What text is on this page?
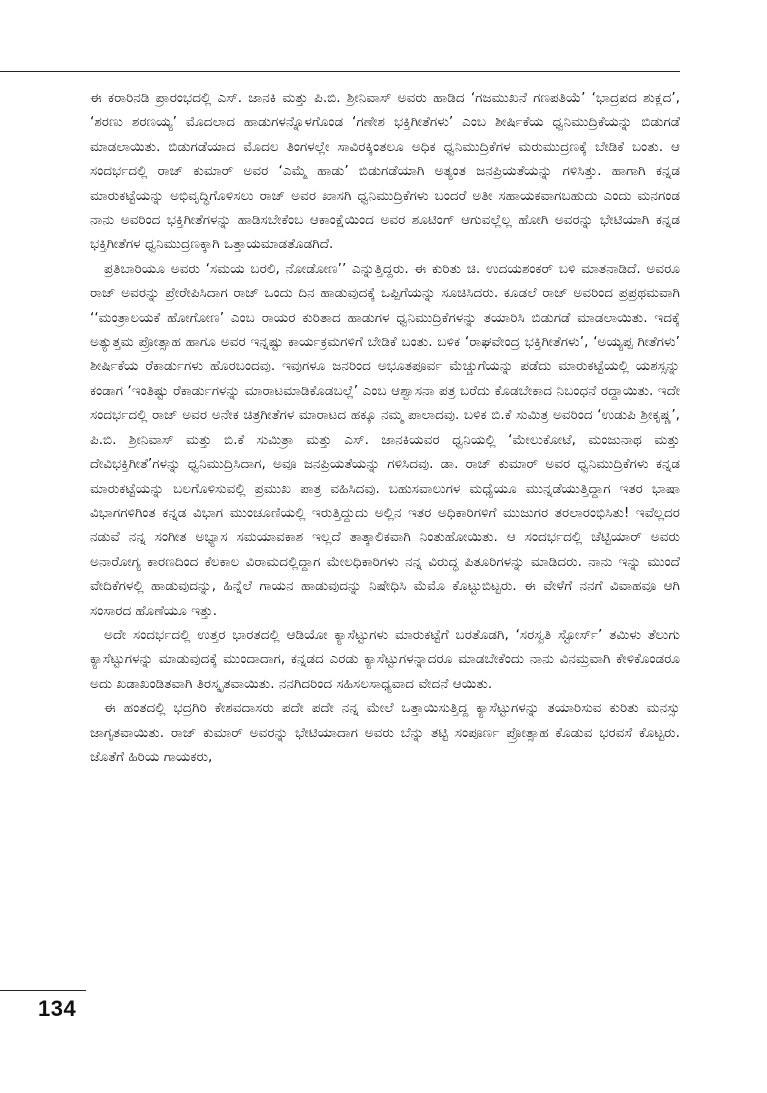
ಈ ಕರಾರಿನಡಿ ಪ್ರಾರಂಭದಲ್ಲಿ ಎಸ್. ಜಾನಕಿ ಮತ್ತು ಪಿ.ಬಿ. ಶ್ರೀನಿವಾಸ್ ಅವರು ಹಾಡಿದ ‘ಗಜಮುಖನೆ ಗಣಪತಿಯೆ’ ‘ಭಾದ್ರಪದ ಶುಕ್ಲದ’, ‘ಶರಣು ಶರಣಯ್ಯ’ ಮೊದಲಾದ ಹಾಡುಗಳನ್ನೊಳಗೊಂಡ ‘ಗಣೇಶ ಭಕ್ತಿಗೀತೆಗಳು’ ಎಂಬ ಶೀರ್ಷಿಕೆಯ ಧ್ವನಿಮುದ್ರಿಕೆಯನ್ನು ಬಿಡುಗಡೆ ಮಾಡಲಾಯಿತು. ಬಿಡುಗಡೆಯಾದ ಮೊದಲ ತಿಂಗಳಲ್ಲೇ ಸಾವಿರಕ್ಕಿಂತಲೂ ಅಧಿಕ ಧ್ವನಿಮುದ್ರಿಕೆಗಳ ಮರುಮುದ್ರಣಕ್ಕೆ ಬೇಡಿಕೆ ಬಂತು. ಆ ಸಂದರ್ಭದಲ್ಲಿ ರಾಜ್ ಕುಮಾರ್ ಅವರ ‘ಎಮ್ಮೆ ಹಾಡು’ ಬಿಡುಗಡೆಯಾಗಿ ಅತ್ಯಂತ ಜನಪ್ರಿಯತೆಯನ್ನು ಗಳಿಸಿತ್ತು. ಹಾಗಾಗಿ ಕನ್ನಡ ಮಾರುಕಟ್ಟೆಯನ್ನು ಅಭಿವೃದ್ಧಿಗೊಳಿಸಲು ರಾಜ್ ಅವರ ಖಾಸಗಿ ಧ್ವನಿಮುದ್ರಿಕೆಗಳು ಬಂದರೆ ಅತೀ ಸಹಾಯಕವಾಗಬಹುದು ಎಂದು ಮನಗಂಡ ನಾನು ಅವರಿಂದ ಭಕ್ತಿಗೀತೆಗಳನ್ನು ಹಾಡಿಸಬೇಕೆಂಬ ಆಕಾಂಕ್ಷೆಯಿಂದ ಅವರ ಶೂಟಿಂಗ್ ಆಗುವಲ್ಲೆಲ್ಲ ಹೋಗಿ ಅವರನ್ನು ಭೇಟಿಯಾಗಿ ಕನ್ನಡ ಭಕ್ತಿಗೀತೆಗಳ ಧ್ವನಿಮುದ್ರಣಕ್ಕಾಗಿ ಒತ್ತಾಯಮಾಡತೊಡಗಿದೆ.

ಪ್ರತಿಬಾರಿಯೂ ಅವರು ‘ಸಮಯ ಬರಲಿ, ನೋಡೋಣ’’ ಎನ್ನುತ್ತಿದ್ದರು. ಈ ಕುರಿತು ಚಿ. ಉದಯಶಂಕರ್ ಬಳಿ ಮಾತನಾಡಿದೆ. ಅವರೂ ರಾಜ್ ಅವರನ್ನು ಪ್ರೇರೇಪಿಸಿದಾಗ ರಾಜ್ ಒಂದು ದಿನ ಹಾಡುವುದಕ್ಕೆ ಒಪ್ಪಿಗೆಯನ್ನು ಸೂಚಿಸಿದರು. ಕೂಡಲೆ ರಾಜ್ ಅವರಿಂದ ಪ್ರಪ್ರಥಮವಾಗಿ ‘‘ಮಂತ್ರಾಲಯಕೆ ಹೋಗೋಣ’ ಎಂಬ ರಾಯರ ಕುರಿತಾದ ಹಾಡುಗಳ ಧ್ವನಿಮುದ್ರಿಕೆಗಳನ್ನು ತಯಾರಿಸಿ ಬಿಡುಗಡೆ ಮಾಡಲಾಯಿತು. ಇದಕ್ಕೆ ಅತ್ಯುತ್ತಮ ಪ್ರೋತ್ಸಾಹ ಹಾಗೂ ಅವರ ಇನ್ನಷ್ಟು ಕಾರ್ಯಕ್ರಮಗಳಿಗೆ ಬೇಡಿಕೆ ಬಂತು. ಬಳಿಕ ‘ರಾಘವೇಂದ್ರ ಭಕ್ತಿಗೀತೆಗಳು’, ‘ಅಯ್ಯಪ್ಪ ಗೀತೆಗಳು’ ಶೀರ್ಷಿಕೆಯ ರೆಕಾರ್ಡುಗಳು ಹೊರಬಂದವು. ಇವುಗಳೂ ಜನರಿಂದ ಅಭೂತಪೂರ್ವ ಮೆಚ್ಚುಗೆಯನ್ನು ಪಡೆದು ಮಾರುಕಟ್ಟೆಯಲ್ಲಿ ಯಶಸ್ಸನ್ನು ಕಂಡಾಗ ‘ಇಂತಿಷ್ಟು ರೆಕಾರ್ಡುಗಳನ್ನು ಮಾರಾಟಮಾಡಿಕೊಡಬಲ್ಲೆ’ ಎಂಬ ಆಶ್ವಾಸನಾ ಪತ್ರ ಬರೆದು ಕೊಡಬೇಕಾದ ನಿಬಂಧನೆ ರದ್ದಾಯಿತು. ಇದೇ ಸಂದರ್ಭದಲ್ಲಿ ರಾಜ್ ಅವರ ಅನೇಕ ಚಿತ್ರಗೀತೆಗಳ ಮಾರಾಟದ ಹಕ್ಕೂ ನಮ್ಮ ಪಾಲಾದವು. ಬಳಿಕ ಬಿ.ಕೆ ಸುಮಿತ್ರ ಅವರಿಂದ ‘ಉಡುಪಿ ಶ್ರೀಕೃಷ್ಣ’, ಪಿ.ಬಿ. ಶ್ರೀನಿವಾಸ್ ಮತ್ತು ಬಿ.ಕೆ ಸುಮಿತ್ರಾ ಮತ್ತು ಎಸ್. ಜಾನಕಿಯವರ ಧ್ವನಿಯಲ್ಲಿ ‘ಮೇಲುಕೋಟೆ, ಮಂಜುನಾಥ ಮತ್ತು ದೇವಿಭಕ್ತಿಗೀತೆ’ಗಳನ್ನು ಧ್ವನಿಮುದ್ರಿಸಿದಾಗ, ಅವೂ ಜನಪ್ರಿಯತೆಯನ್ನು ಗಳಿಸಿದವು. ಡಾ. ರಾಜ್ ಕುಮಾರ್ ಅವರ ಧ್ವನಿಮುದ್ರಿಕೆಗಳು ಕನ್ನಡ ಮಾರುಕಟ್ಟೆಯನ್ನು ಬಲಗೊಳಿಸುವಲ್ಲಿ ಪ್ರಮುಖ ಪಾತ್ರ ವಹಿಸಿದವು. ಬಹುಸವಾಲುಗಳ ಮಧ್ಯೆಯೂ ಮುನ್ನಡೆಯುತ್ತಿದ್ದಾಗ ಇತರ ಭಾಷಾ ವಿಭಾಗಗಳಿಗಿಂತ ಕನ್ನಡ ವಿಭಾಗ ಮುಂಚೂಣಿಯಲ್ಲಿ ಇರುತ್ತಿದ್ದುದು ಅಲ್ಲಿನ ಇತರ ಅಧಿಕಾರಿಗಳಿಗೆ ಮುಜುಗರ ತರಲಾರಂಭಿಸಿತು! ಇವೆಲ್ಲದರ ನಡುವೆ ನನ್ನ ಸಂಗೀತ ಅಭ್ಯಾಸ ಸಮಯಾವಕಾಶ ಇಲ್ಲದೆ ತಾತ್ಕಾಲಿಕವಾಗಿ ನಿಂತುಹೋಯಿತು. ಆ ಸಂದರ್ಭದಲ್ಲಿ ಚೆಟ್ಟಿಯಾರ್ ಅವರು ಅನಾರೋಗ್ಯ ಕಾರಣದಿಂದ ಕೆಲಕಾಲ ವಿರಾಮದಲ್ಲಿದ್ದಾಗ ಮೇಲಧಿಕಾರಿಗಳು ನನ್ನ ವಿರುದ್ಧ ಪಿತೂರಿಗಳನ್ನು ಮಾಡಿದರು. ನಾನು ಇನ್ನು ಮುಂದೆ ವೇದಿಕೆಗಳಲ್ಲಿ ಹಾಡುವುದನ್ನು, ಹಿನ್ನೆಲೆ ಗಾಯನ ಹಾಡುವುದನ್ನು ನಿಷೇಧಿಸಿ ಮೆಮೊ ಕೊಟ್ಟುಬಿಟ್ಟರು. ಈ ವೇಳೆಗೆ ನನಗೆ ವಿವಾಹವೂ ಆಗಿ ಸಂಸಾರದ ಹೊಣೆಯೂ ಇತ್ತು.

ಅದೇ ಸಂದರ್ಭದಲ್ಲಿ ಉತ್ತರ ಭಾರತದಲ್ಲಿ ಆಡಿಯೋ ಕ್ಯಾಸೆಟ್ಟುಗಳು ಮಾರುಕಟ್ಟೆಗೆ ಬರತೊಡಗಿ, ‘ಸರಸ್ವತಿ ಸ್ಟೋರ್ಸ್’ ತಮಿಳು ತೆಲುಗು ಕ್ಯಾಸೆಟ್ಟುಗಳನ್ನು ಮಾಡುವುದಕ್ಕೆ ಮುಂದಾದಾಗ, ಕನ್ನಡದ ಎರಡು ಕ್ಯಾಸೆಟ್ಟುಗಳನ್ನಾದರೂ ಮಾಡಬೇಕೆಂದು ನಾನು ವಿನಮ್ರವಾಗಿ ಕೇಳಿಕೊಂಡರೂ ಅದು ಖಡಾಖಂಡಿತವಾಗಿ ತಿರಸ್ಕೃತವಾಯಿತು. ನನಗಿದರಿಂದ ಸಹಿಸಲಸಾಧ್ಯವಾದ ವೇದನೆ ಆಯಿತು.

ಈ ಹಂತದಲ್ಲಿ ಭದ್ರಗಿರಿ ಕೇಶವದಾಸರು ಪದೇ ಪದೇ ನನ್ನ ಮೇಲೆ ಒತ್ತಾಯಿಸುತ್ತಿದ್ದ ಕ್ಯಾಸೆಟ್ಟುಗಳನ್ನು ತಯಾರಿಸುವ ಕುರಿತು ಮನಸ್ಸು ಜಾಗೃತವಾಯಿತು. ರಾಜ್ ಕುಮಾರ್ ಅವರನ್ನು ಭೇಟಿಯಾದಾಗ ಅವರು ಬೆನ್ನು ತಟ್ಟಿ ಸಂಪೂರ್ಣ ಪ್ರೋತ್ಸಾಹ ಕೊಡುವ ಭರವಸೆ ಕೊಟ್ಟರು. ಜೊತೆಗೆ ಹಿರಿಯ ಗಾಯಕರು,

134
